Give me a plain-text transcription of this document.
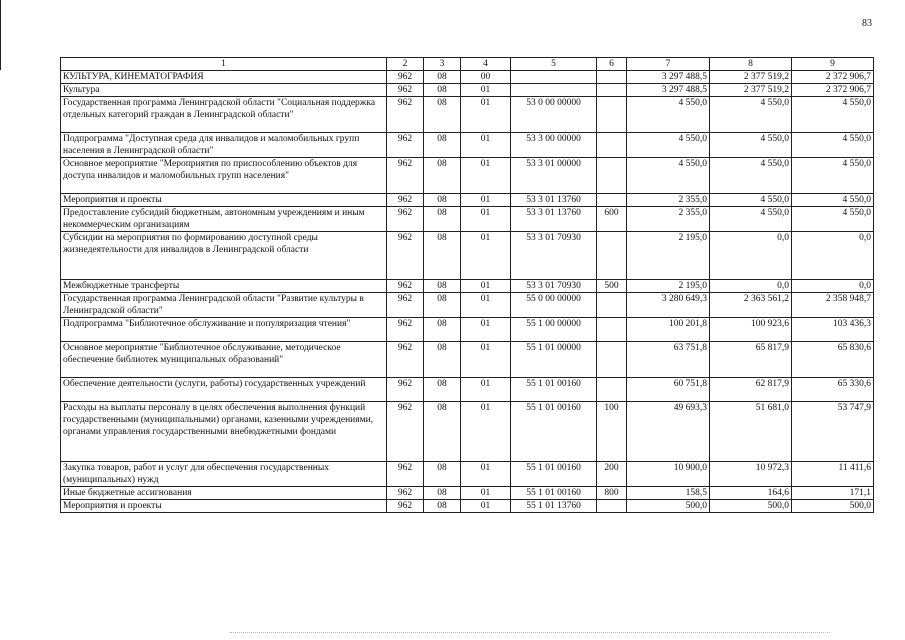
83
1	2	3	4	5	6	7	8	9
КУЛЬТУРА, КИНЕМАТОГРАФИЯ	962	08	00			3 297 488,5	2 377 519,2	2 372 906,7
Культура	962	08	01			3 297 488,5	2 377 519,2	2 372 906,7
Государственная программа Ленинградской области "Социальная поддержка отдельных категорий граждан в Ленинградской области"	962	08	01	53 0 00 00000		4 550,0	4 550,0	4 550,0
Подпрограмма "Доступная среда для инвалидов и маломобильных групп населения в Ленинградской области"	962	08	01	53 3 00 00000		4 550,0	4 550,0	4 550,0
Основное мероприятие "Мероприятия по приспособлению объектов для доступа инвалидов и маломобильных групп населения"	962	08	01	53 3 01 00000		4 550,0	4 550,0	4 550,0
Мероприятия и проекты	962	08	01	53 3 01 13760		2 355,0	4 550,0	4 550,0
Предоставление субсидий бюджетным, автономным учреждениям и иным некоммерческим организациям	962	08	01	53 3 01 13760	600	2 355,0	4 550,0	4 550,0
Субсидии на мероприятия по формированию доступной среды жизнедеятельности для инвалидов в Ленинградской области	962	08	01	53 3 01 70930		2 195,0	0,0	0,0
Межбюджетные трансферты	962	08	01	53 3 01 70930	500	2 195,0	0,0	0,0
Государственная программа Ленинградской области "Развитие культуры в Ленинградской области"	962	08	01	55 0 00 00000		3 280 649,3	2 363 561,2	2 358 948,7
Подпрограмма "Библиотечное обслуживание и популяризация чтения"	962	08	01	55 1 00 00000		100 201,8	100 923,6	103 436,3
Основное мероприятие "Библиотечное обслуживание, методическое обеспечение библиотек муниципальных образований"	962	08	01	55 1 01 00000		63 751,8	65 817,9	65 830,6
Обеспечение деятельности (услуги, работы) государственных учреждений	962	08	01	55 1 01 00160		60 751,8	62 817,9	65 330,6
Расходы на выплаты персоналу в целях обеспечения выполнения функций государственными (муниципальными) органами, казенными учреждениями, органами управления государственными внебюджетными фондами	962	08	01	55 1 01 00160	100	49 693,3	51 681,0	53 747,9
Закупка товаров, работ и услуг для обеспечения государственных (муниципальных) нужд	962	08	01	55 1 01 00160	200	10 900,0	10 972,3	11 411,6
Иные бюджетные ассигнования	962	08	01	55 1 01 00160	800	158,5	164,6	171,1
Мероприятия и проекты	962	08	01	55 1 01 13760		500,0	500,0	500,0
